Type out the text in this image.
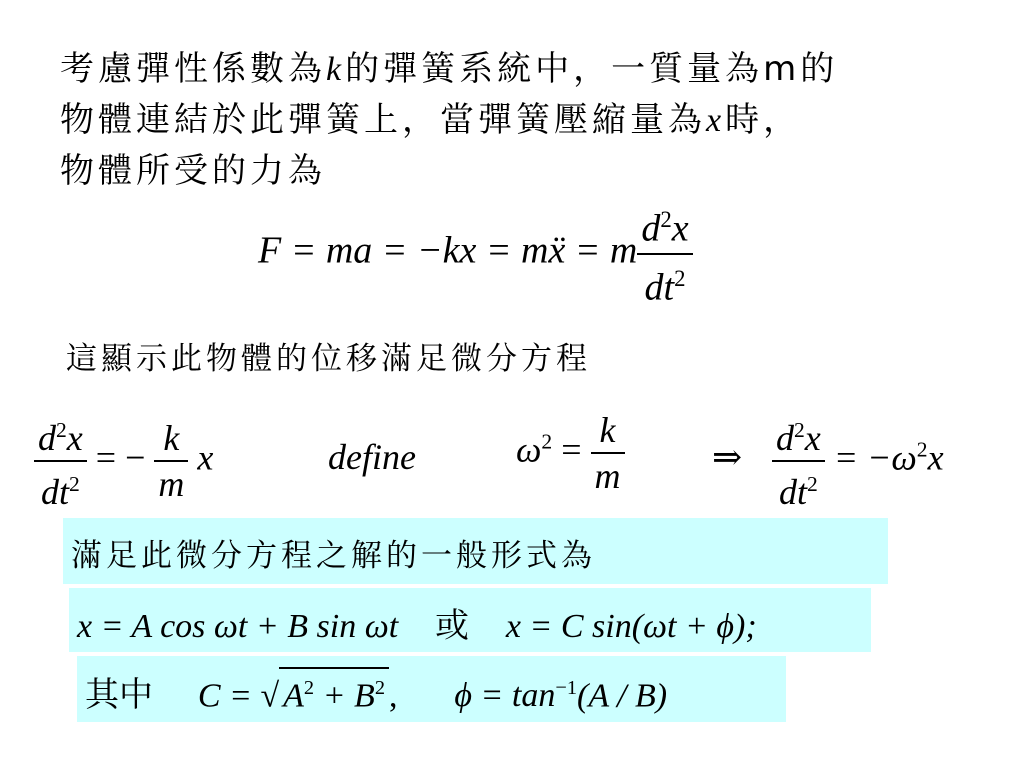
考慮彈性係數為k的彈簧系統中，一質量為m的
物體連結於此彈簧上，當彈簧壓縮量為x時，
物體所受的力為
F = ma = −kx = mẍ = m $\frac{d^2x}{dt^2}$
這顯示此物體的位移滿足微分方程
$\frac{d^2x}{dt^2}$ = − $\frac{k}{m}$ x	define	$\omega^2 = \frac{k}{m}$ ⇒ $\frac{d^2x}{dt^2} = -\omega^2x$
滿足此微分方程之解的一般形式為
x = A cos ωt + B sin ωt 或 x = C sin(ωt + ϕ);
其中 C = √ $A^2 + B^2$ , $\phi = \tan^{-1}(A / B)$
